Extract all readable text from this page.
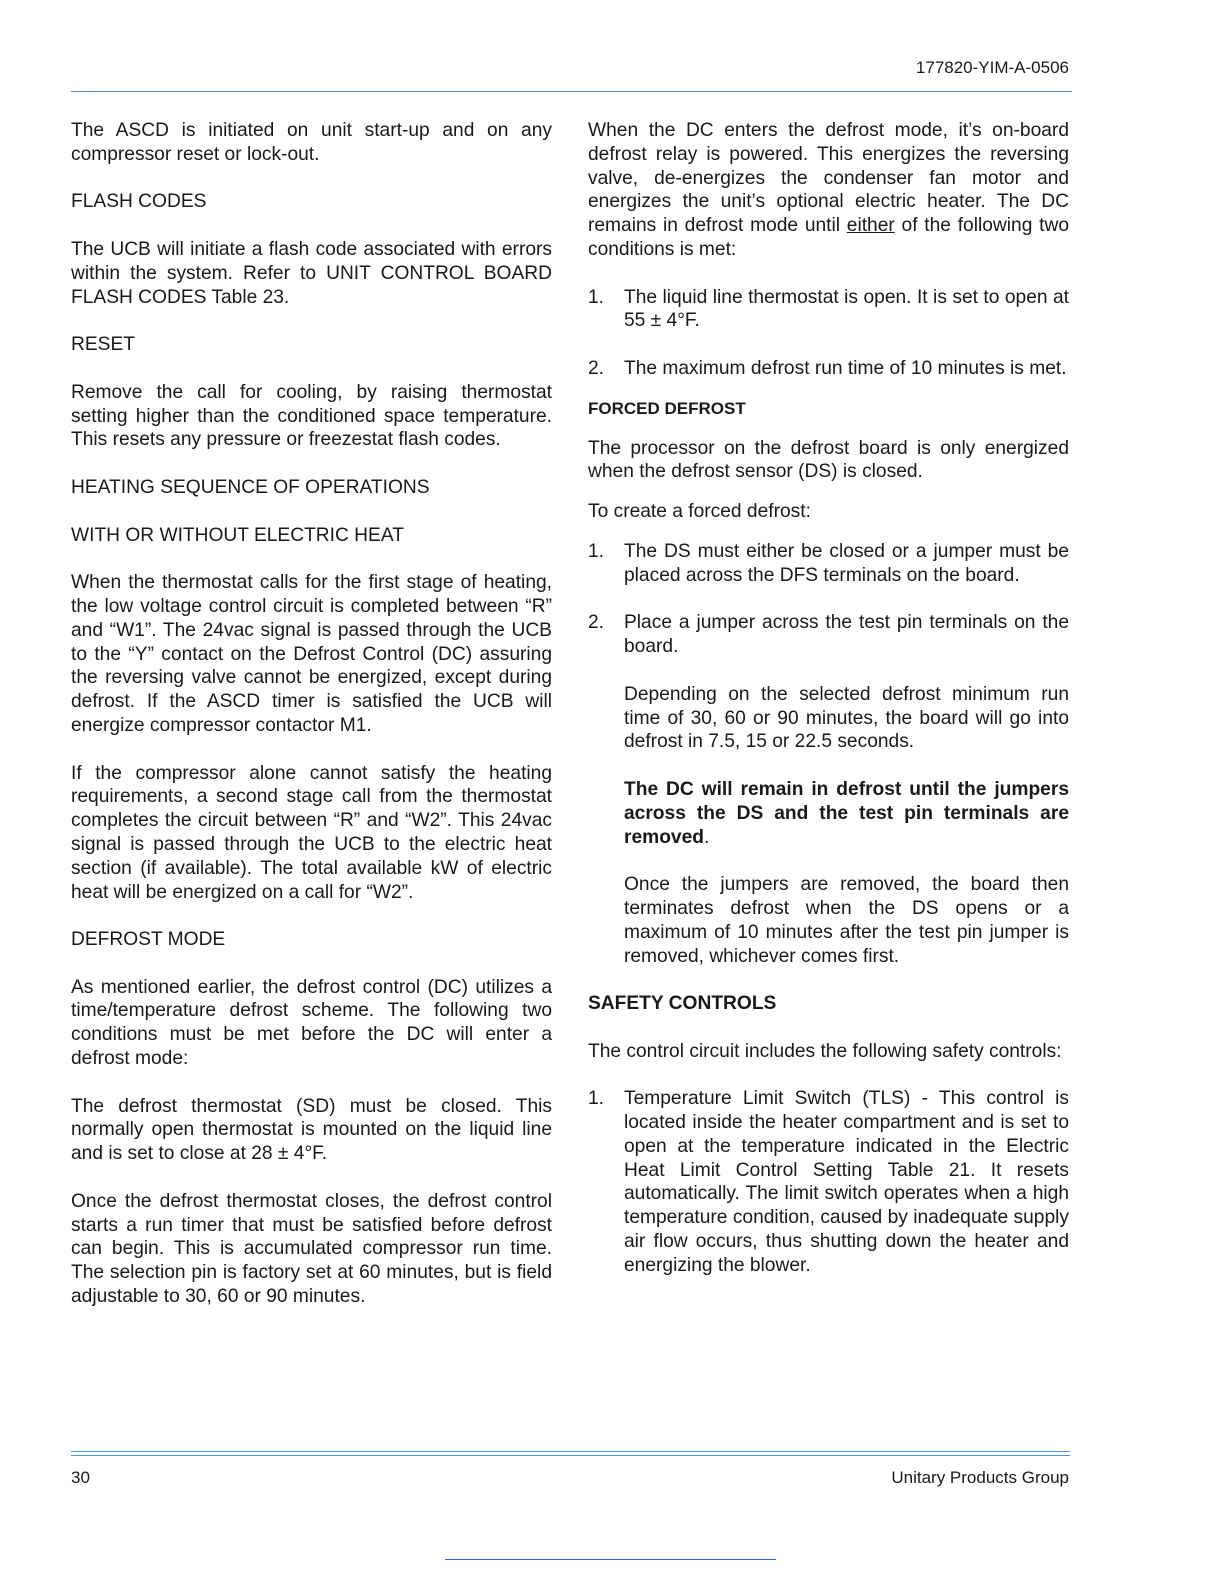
177820-YIM-A-0506

The ASCD is initiated on unit start-up and on any compressor reset or lock-out.

FLASH CODES

The UCB will initiate a flash code associated with errors within the system. Refer to UNIT CONTROL BOARD FLASH CODES Table 23.

RESET

Remove the call for cooling, by raising thermostat setting higher than the conditioned space temperature. This resets any pressure or freezestat flash codes.

HEATING SEQUENCE OF OPERATIONS
WITH OR WITHOUT ELECTRIC HEAT

When the thermostat calls for the first stage of heating, the low voltage control circuit is completed between “R” and “W1”. The 24vac signal is passed through the UCB to the “Y” contact on the Defrost Control (DC) assuring the reversing valve cannot be energized, except during defrost. If the ASCD timer is satisfied the UCB will energize compressor contactor M1.

If the compressor alone cannot satisfy the heating requirements, a second stage call from the thermostat completes the circuit between “R” and “W2”. This 24vac signal is passed through the UCB to the electric heat section (if available). The total available kW of electric heat will be energized on a call for “W2”.

DEFROST MODE

As mentioned earlier, the defrost control (DC) utilizes a time/temperature defrost scheme. The following two conditions must be met before the DC will enter a defrost mode:

The defrost thermostat (SD) must be closed. This normally open thermostat is mounted on the liquid line and is set to close at 28 ± 4°F.

Once the defrost thermostat closes, the defrost control starts a run timer that must be satisfied before defrost can begin. This is accumulated compressor run time. The selection pin is factory set at 60 minutes, but is field adjustable to 30, 60 or 90 minutes.

When the DC enters the defrost mode, it’s on-board defrost relay is powered. This energizes the reversing valve, de-energizes the condenser fan motor and energizes the unit’s optional electric heater. The DC remains in defrost mode until either of the following two conditions is met:

1.	The liquid line thermostat is open. It is set to open at 55 ± 4°F.
2.	The maximum defrost run time of 10 minutes is met.
FORCED DEFROST

The processor on the defrost board is only energized when the defrost sensor (DS) is closed.

To create a forced defrost:

1.	The DS must either be closed or a jumper must be placed across the DFS terminals on the board.
2.	Place a jumper across the test pin terminals on the board.
Depending on the selected defrost minimum run time of 30, 60 or 90 minutes, the board will go into defrost in 7.5, 15 or 22.5 seconds.
The DC will remain in defrost until the jumpers across the DS and the test pin terminals are removed.
Once the jumpers are removed, the board then terminates defrost when the DS opens or a maximum of 10 minutes after the test pin jumper is removed, whichever comes first.
SAFETY CONTROLS

The control circuit includes the following safety controls:

1.	Temperature Limit Switch (TLS) - This control is located inside the heater compartment and is set to open at the temperature indicated in the Electric Heat Limit Control Setting Table 21. It resets automatically. The limit switch operates when a high temperature condition, caused by inadequate supply air flow occurs, thus shutting down the heater and energizing the blower.
30	Unitary Products Group
